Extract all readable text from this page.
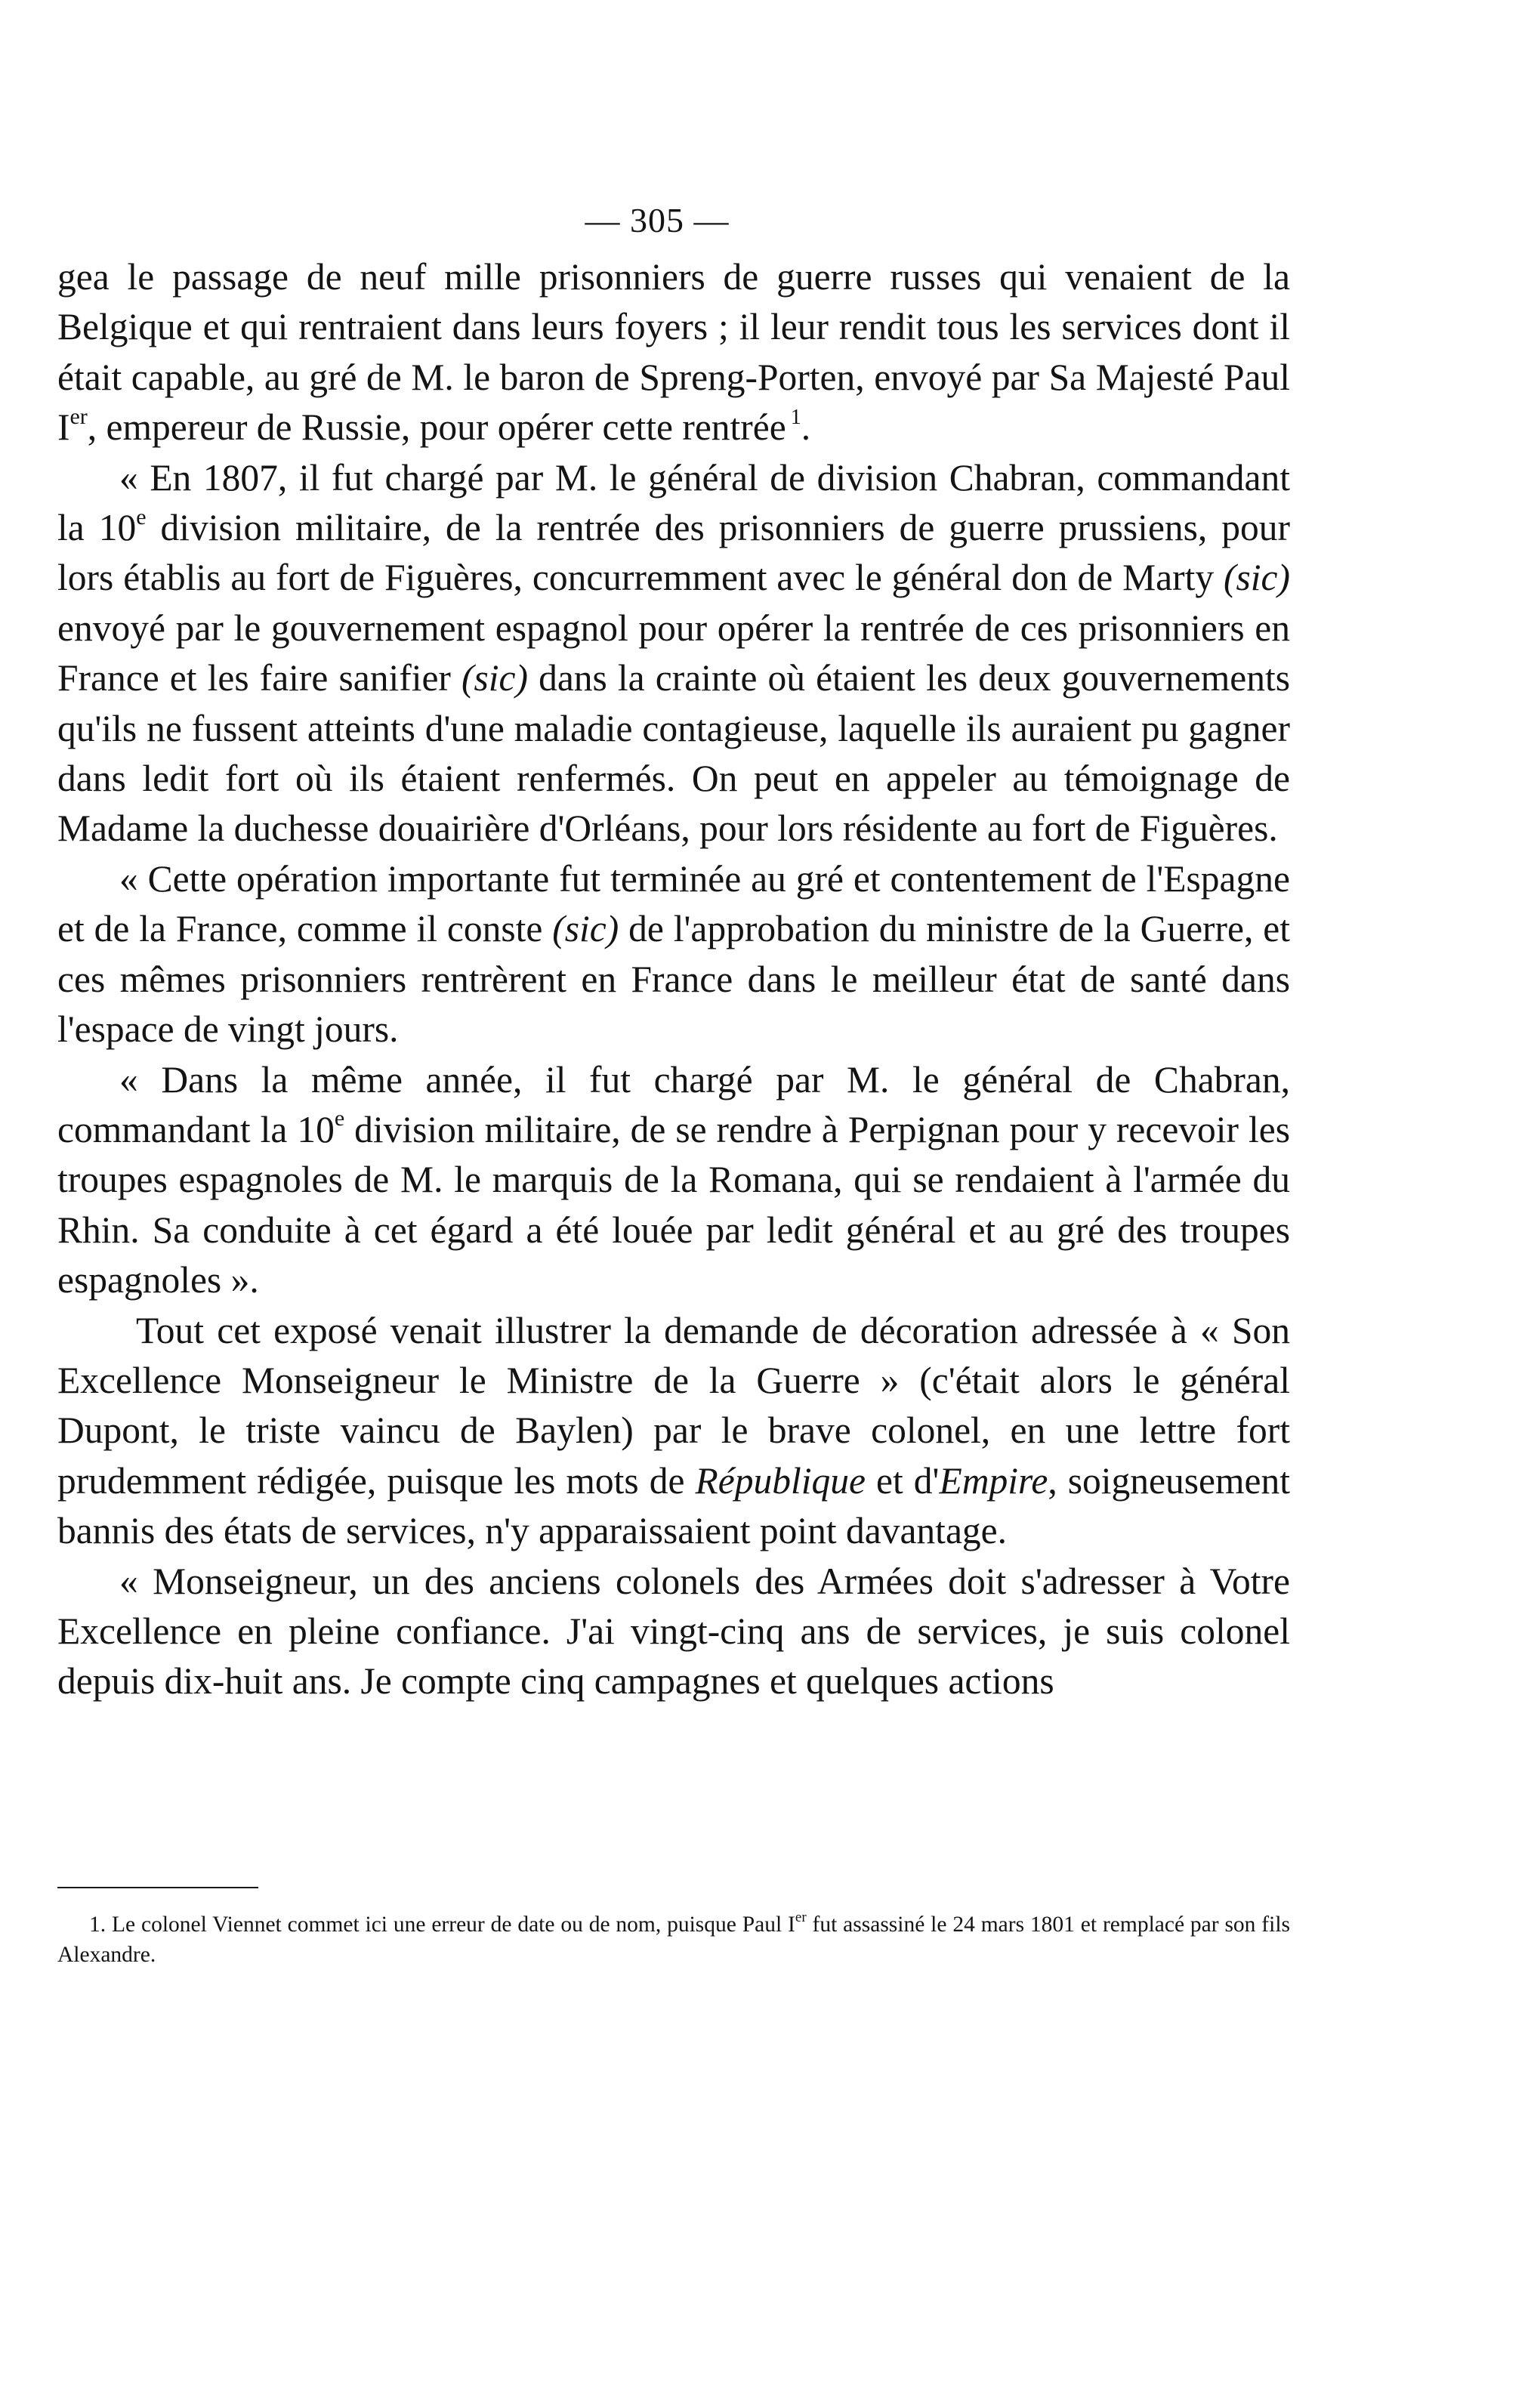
— 305 —

gea le passage de neuf mille prisonniers de guerre russes qui venaient de la Belgique et qui rentraient dans leurs foyers ; il leur rendit tous les services dont il était capable, au gré de M. le baron de Spreng-Porten, envoyé par Sa Majesté Paul Ier, empereur de Russie, pour opérer cette rentrée $^1$.

« En 1807, il fut chargé par M. le général de division Chabran, commandant la 10e division militaire, de la rentrée des prisonniers de guerre prussiens, pour lors établis au fort de Figuères, concurremment avec le général don de Marty (sic) envoyé par le gouvernement espagnol pour opérer la rentrée de ces prisonniers en France et les faire sanifier (sic) dans la crainte où étaient les deux gouvernements qu'ils ne fussent atteints d'une maladie contagieuse, laquelle ils auraient pu gagner dans ledit fort où ils étaient renfermés. On peut en appeler au témoignage de Madame la duchesse douairière d'Orléans, pour lors résidente au fort de Figuères.

« Cette opération importante fut terminée au gré et contentement de l'Espagne et de la France, comme il conste (sic) de l'approbation du ministre de la Guerre, et ces mêmes prisonniers rentrèrent en France dans le meilleur état de santé dans l'espace de vingt jours.

« Dans la même année, il fut chargé par M. le général de Chabran, commandant la 10e division militaire, de se rendre à Perpignan pour y recevoir les troupes espagnoles de M. le marquis de la Romana, qui se rendaient à l'armée du Rhin. Sa conduite à cet égard a été louée par ledit général et au gré des troupes espagnoles ».

Tout cet exposé venait illustrer la demande de décoration adressée à « Son Excellence Monseigneur le Ministre de la Guerre » (c'était alors le général Dupont, le triste vaincu de Baylen) par le brave colonel, en une lettre fort prudemment rédigée, puisque les mots de République et d'Empire, soigneusement bannis des états de services, n'y apparaissaient point davantage.

« Monseigneur, un des anciens colonels des Armées doit s'adresser à Votre Excellence en pleine confiance. J'ai vingt-cinq ans de services, je suis colonel depuis dix-huit ans. Je compte cinq campagnes et quelques actions

1. Le colonel Viennet commet ici une erreur de date ou de nom, puisque Paul Ier fut assassiné le 24 mars 1801 et remplacé par son fils Alexandre.
